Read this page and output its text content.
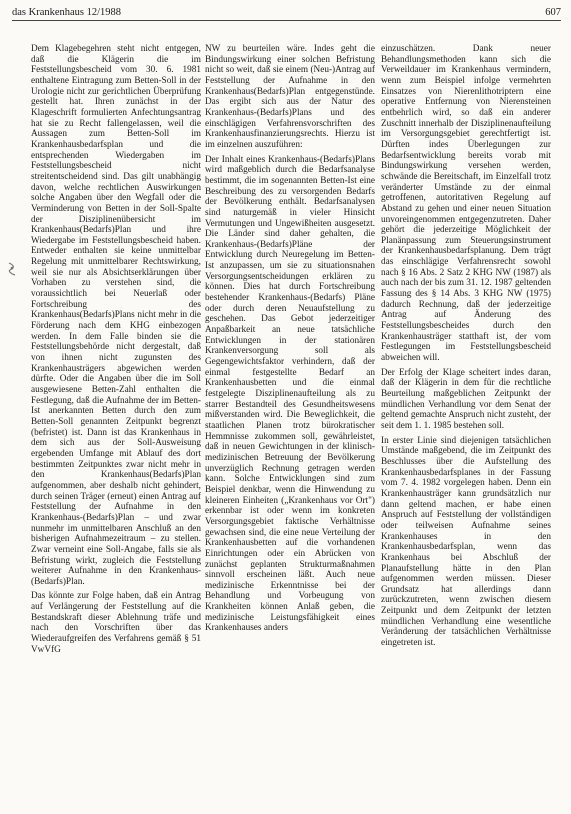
das Krankenhaus 12/1988	607

Dem Klagebegehren steht nicht entgegen, daß die Klägerin die im Feststellungsbescheid vom 30. 6. 1981 enthaltene Eintragung zum Betten-Soll in der Urologie nicht zur gerichtlichen Überprüfung gestellt hat. Ihren zunächst in der Klageschrift formulierten Anfechtungsantrag hat sie zu Recht fallengelassen, weil die Aussagen zum Betten-Soll im Krankenhausbedarfsplan und die entsprechenden Wiedergaben im Feststellungsbescheid nicht streitentscheidend sind. Das gilt unabhängig davon, welche rechtlichen Auswirkungen solche Angaben über den Wegfall oder die Verminderung von Betten in der Soll-Spalte der Disziplinenübersicht im Krankenhaus(Bedarfs)Plan und ihre Wiedergabe im Feststellungsbescheid haben. Entweder enthalten sie keine unmittelbar Regelung mit unmittelbarer Rechtswirkung, weil sie nur als Absichtserklärungen über Vorhaben zu verstehen sind, die voraussichtlich bei Neuerlaß oder Fortschreibung des Krankenhaus(Bedarfs)Plans nicht mehr in die Förderung nach dem KHG einbezogen werden. In dem Falle binden sie die Feststellungsbehörde nicht dergestalt, daß von ihnen nicht zugunsten des Krankenhausträgers abgewichen werden dürfte. Oder die Angaben über die im Soll ausgewiesene Betten-Zahl enthalten die Festlegung, daß die Aufnahme der im Betten-Ist anerkannten Betten durch den zum Betten-Soll genannten Zeitpunkt begrenzt (befristet) ist. Dann ist das Krankenhaus in dem sich aus der Soll-Ausweisung ergebenden Umfange mit Ablauf des dort bestimmten Zeitpunktes zwar nicht mehr in den Krankenhaus(Bedarfs)Plan aufgenommen, aber deshalb nicht gehindert, durch seinen Träger (erneut) einen Antrag auf Feststellung der Aufnahme in den Krankenhaus-(Bedarfs)Plan – und zwar nunmehr im unmittelbaren Anschluß an den bisherigen Aufnahmezeitraum – zu stellen. Zwar verneint eine Soll-Angabe, falls sie als Befristung wirkt, zugleich die Feststellung weiterer Aufnahme in den Krankenhaus-(Bedarfs)Plan.

Das könnte zur Folge haben, daß ein Antrag auf Verlängerung der Feststellung auf die Bestandskraft dieser Ablehnung träfe und nach den Vorschriften über das Wiederaufgreifen des Verfahrens gemäß § 51 VwVfG

NW zu beurteilen wäre. Indes geht die Bindungswirkung einer solchen Befristung nicht so weit, daß sie einem (Neu-)Antrag auf Feststellung der Aufnahme in den Krankenhaus(Bedarfs)Plan entgegenstünde. Das ergibt sich aus der Natur des Krankenhaus-(Bedarfs)Plans und des einschlägigen Verfahrensvorschriften des Krankenhausfinanzierungsrechts. Hierzu ist im einzelnen auszuführen:

Der Inhalt eines Krankenhaus-(Bedarfs)Plans wird maßgeblich durch die Bedarfsanalyse bestimmt, die im sogenannten Betten-Ist eine Beschreibung des zu versorgenden Bedarfs der Bevölkerung enthält. Bedarfsanalysen sind naturgemäß in vieler Hinsicht Vermutungen und Ungewißheiten ausgesetzt. Die Länder sind daher gehalten, die Krankenhaus-(Bedarfs)Pläne der Entwicklung durch Neuregelung im Betten-Ist anzupassen, um sie zu situationsnahen Versorgungsentscheidungen erklären zu können. Dies hat durch Fortschreibung bestehender Krankenhaus-(Bedarfs) Pläne oder durch deren Neuaufstellung zu geschehen. Das Gebot jederzeitiger Anpaßbarkeit an neue tatsächliche Entwicklungen in der stationären Krankenversorgung soll als Gegengewichtsfaktor verhindern, daß der einmal festgestellte Bedarf an Krankenhausbetten und die einmal festgelegte Disziplinenaufteilung als zu starrer Bestandteil des Gesundheitswesens mißverstanden wird. Die Beweglichkeit, die staatlichen Planen trotz bürokratischer Hemmnisse zukommen soll, gewährleistet, daß in neuen Gewichtungen in der klinisch-medizinischen Betreuung der Bevölkerung unverzüglich Rechnung getragen werden kann. Solche Entwicklungen sind zum Beispiel denkbar, wenn die Hinwendung zu kleineren Einheiten („Krankenhaus vor Ort") erkennbar ist oder wenn im konkreten Versorgungsgebiet faktische Verhältnisse gewachsen sind, die eine neue Verteilung der Krankenhausbetten auf die vorhandenen Einrichtungen oder ein Abrücken von zunächst geplanten Strukturmaßnahmen sinnvoll erscheinen läßt. Auch neue medizinische Erkenntnisse bei der Behandlung und Vorbeugung von Krankheiten können Anlaß geben, die medizinische Leistungsfähigkeit eines Krankenhauses anders

einzuschätzen. Dank neuer Behandlungsmethoden kann sich die Verweildauer im Krankenhaus vermindern, wenn zum Beispiel infolge vermehrten Einsatzes von Nierenlithotriptern eine operative Entfernung von Nierensteinen entbehrlich wird, so daß ein anderer Zuschnitt innerhalb der Disziplinenaufteilung im Versorgungsgebiet gerechtfertigt ist. Dürften indes Überlegungen zur Bedarfsentwicklung bereits vorab mit Bindungswirkung versehen werden, schwände die Bereitschaft, im Einzelfall trotz veränderter Umstände zu der einmal getroffenen, autoritativen Regelung auf Abstand zu gehen und einer neuen Situation unvoreingenommen entgegenzutreten. Daher gehört die jederzeitige Möglichkeit der Planänpassung zum Steuerungsinstrument der Krankenhausbedarfsplanung. Dem trägt das einschlägige Verfahrensrecht sowohl nach § 16 Abs. 2 Satz 2 KHG NW (1987) als auch nach der bis zum 31. 12. 1987 geltenden Fassung des § 14 Abs. 3 KHG NW (1975) dadurch Rechnung, daß der jederzeitige Antrag auf Änderung des Feststellungsbescheides durch den Krankenhausträger statthaft ist, der vom Festlegungen im Feststellungsbescheid abweichen will.

Der Erfolg der Klage scheitert indes daran, daß der Klägerin in dem für die rechtliche Beurteilung maßgeblichen Zeitpunkt der mündlichen Verhandlung vor dem Senat der geltend gemachte Anspruch nicht zusteht, der seit dem 1. 1. 1985 bestehen soll.

In erster Linie sind diejenigen tatsächlichen Umstände maßgebend, die im Zeitpunkt des Beschlusses über die Aufstellung des Krankenhausbedarfsplanes in der Fassung vom 7. 4. 1982 vorgelegen haben. Denn ein Krankenhausträger kann grundsätzlich nur dann geltend machen, er habe einen Anspruch auf Feststellung der vollständigen oder teilweisen Aufnahme seines Krankenhauses in den Krankenhausbedarfsplan, wenn das Krankenhaus bei Abschluß der Planaufstellung hätte in den Plan aufgenommen werden müssen. Dieser Grundsatz hat allerdings dann zurückzutreten, wenn zwischen diesem Zeitpunkt und dem Zeitpunkt der letzten mündlichen Verhandlung eine wesentliche Veränderung der tatsächlichen Verhältnisse eingetreten ist.
